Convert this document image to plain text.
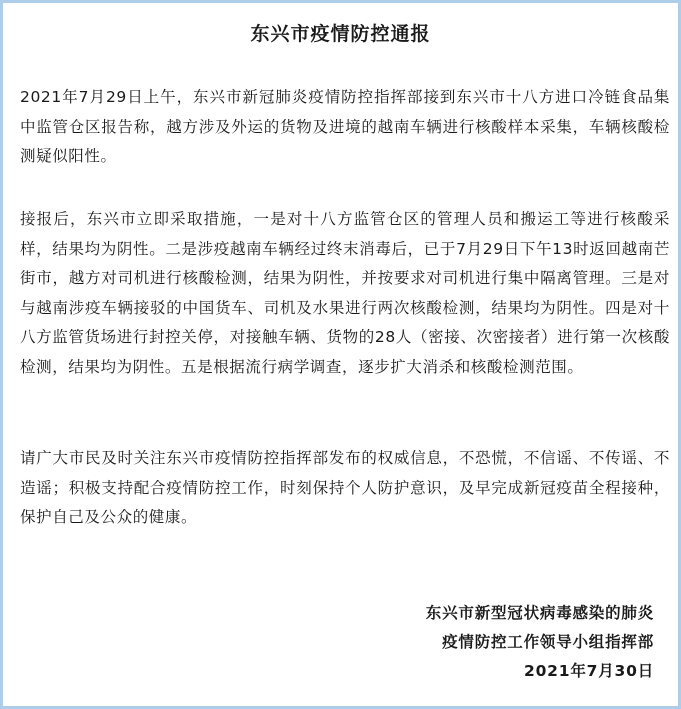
东兴市疫情防控通报

2021年7月29日上午，东兴市新冠肺炎疫情防控指挥部接到东兴市十八方进口冷链食品集中监管仓区报告称，越方涉及外运的货物及进境的越南车辆进行核酸样本采集，车辆核酸检测疑似阳性。

接报后，东兴市立即采取措施，一是对十八方监管仓区的管理人员和搬运工等进行核酸采样，结果均为阴性。二是涉疫越南车辆经过终末消毒后，已于7月29日下午13时返回越南芒街市，越方对司机进行核酸检测，结果为阴性，并按要求对司机进行集中隔离管理。三是对与越南涉疫车辆接驳的中国货车、司机及水果进行两次核酸检测，结果均为阴性。四是对十八方监管货场进行封控关停，对接触车辆、货物的28人（密接、次密接者）进行第一次核酸检测，结果均为阴性。五是根据流行病学调查，逐步扩大消杀和核酸检测范围。

请广大市民及时关注东兴市疫情防控指挥部发布的权威信息，不恐慌，不信谣、不传谣、不造谣；积极支持配合疫情防控工作，时刻保持个人防护意识，及早完成新冠疫苗全程接种，保护自己及公众的健康。

东兴市新型冠状病毒感染的肺炎
疫情防控工作领导小组指挥部
2021年7月30日
